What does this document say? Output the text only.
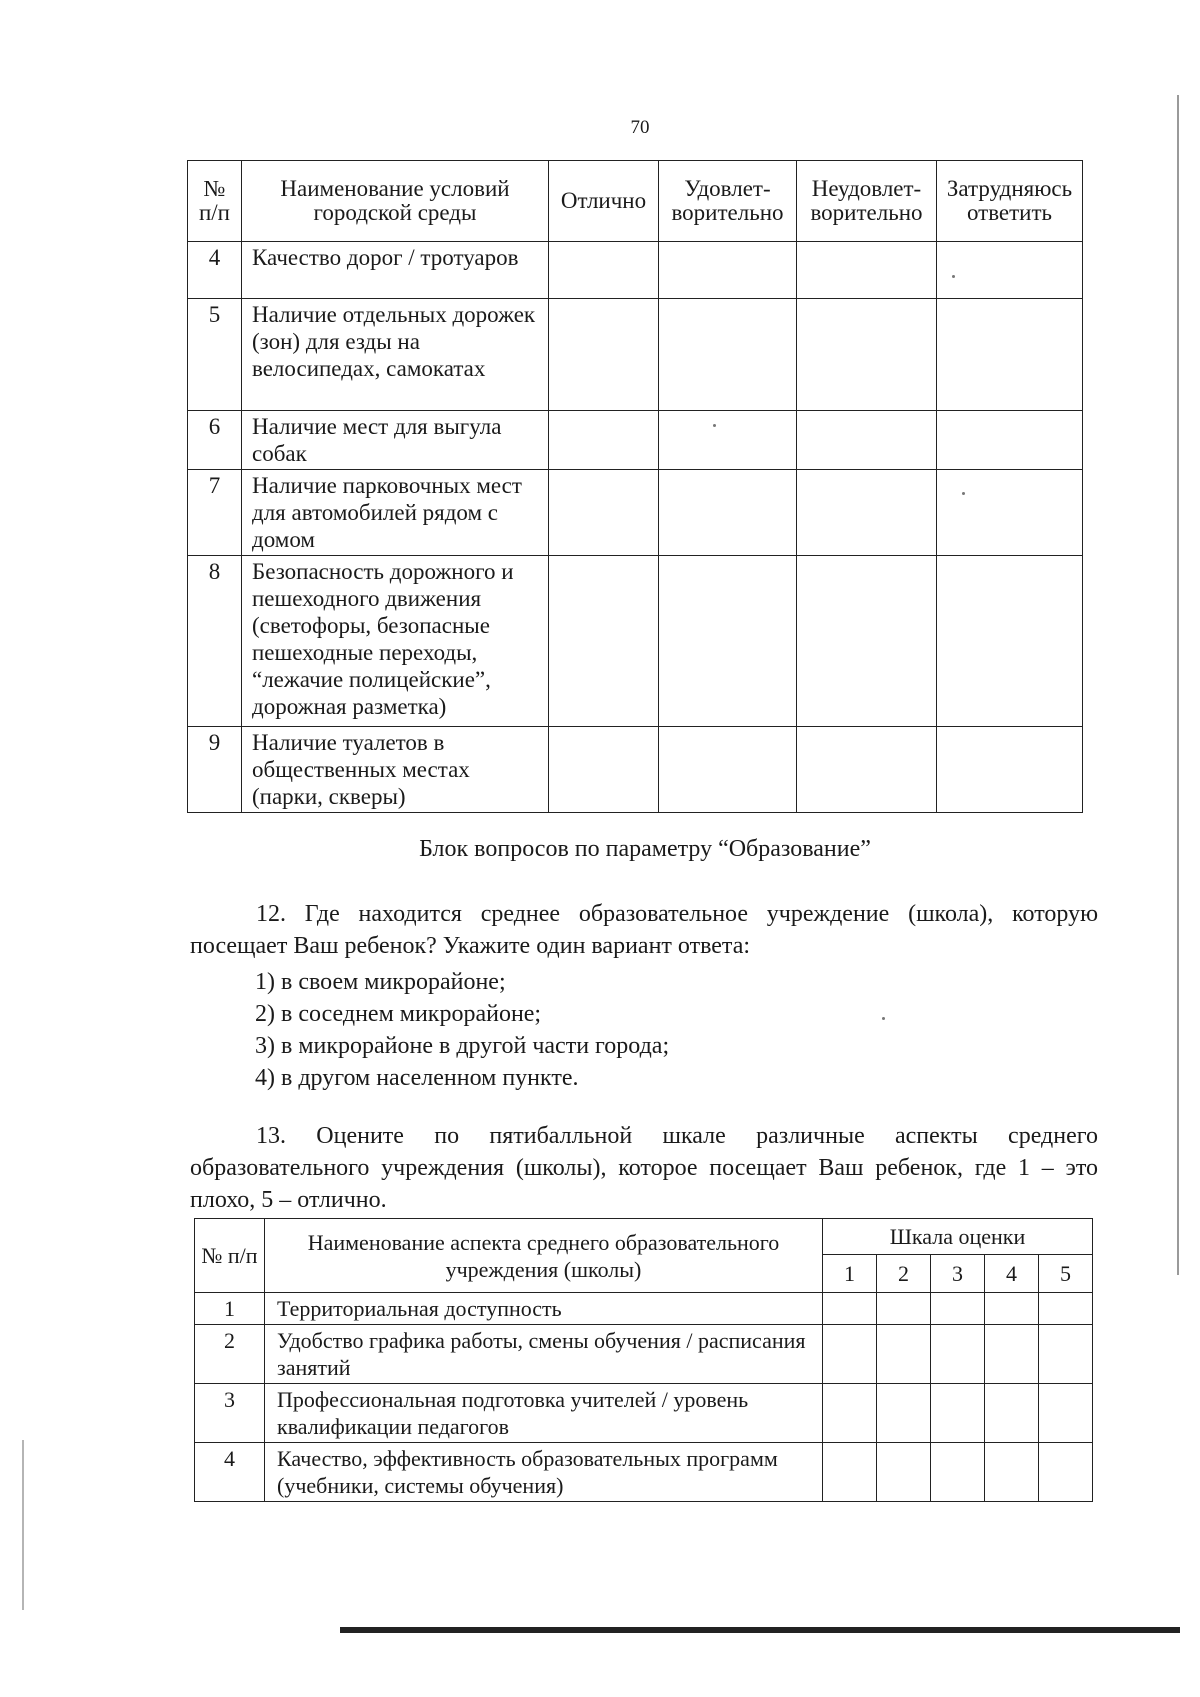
70
№ п/п	Наименование условий городской среды	Отлично	Удовлет-ворительно	Неудовлет-ворительно	Затрудняюсь ответить
4	Качество дорог / тротуаров				
5	Наличие отдельных дорожек (зон) для езды на велосипедах, самокатах				
6	Наличие мест для выгула собак				
7	Наличие парковочных мест для автомобилей рядом с домом				
8	Безопасность дорожного и пешеходного движения (светофоры, безопасные пешеходные переходы, “лежачие полицейские”, дорожная разметка)				
9	Наличие туалетов в общественных местах (парки, скверы)				
Блок вопросов по параметру “Образование”
12. Где находится среднее образовательное учреждение (школа), которую посещает Ваш ребенок? Укажите один вариант ответа:
1) в своем микрорайоне;
2) в соседнем микрорайоне;
3) в микрорайоне в другой части города;
4) в другом населенном пункте.
13. Оцените по пятибалльной шкале различные аспекты среднего образовательного учреждения (школы), которое посещает Ваш ребенок, где 1 – это плохо, 5 – отлично.
№ п/п	Наименование аспекта среднего образовательного учреждения (школы)	Шкала оценки				
		1	2	3	4	5
1	Территориальная доступность					
2	Удобство графика работы, смены обучения / расписания занятий					
3	Профессиональная подготовка учителей / уровень квалификации педагогов					
4	Качество, эффективность образовательных программ (учебники, системы обучения)					
